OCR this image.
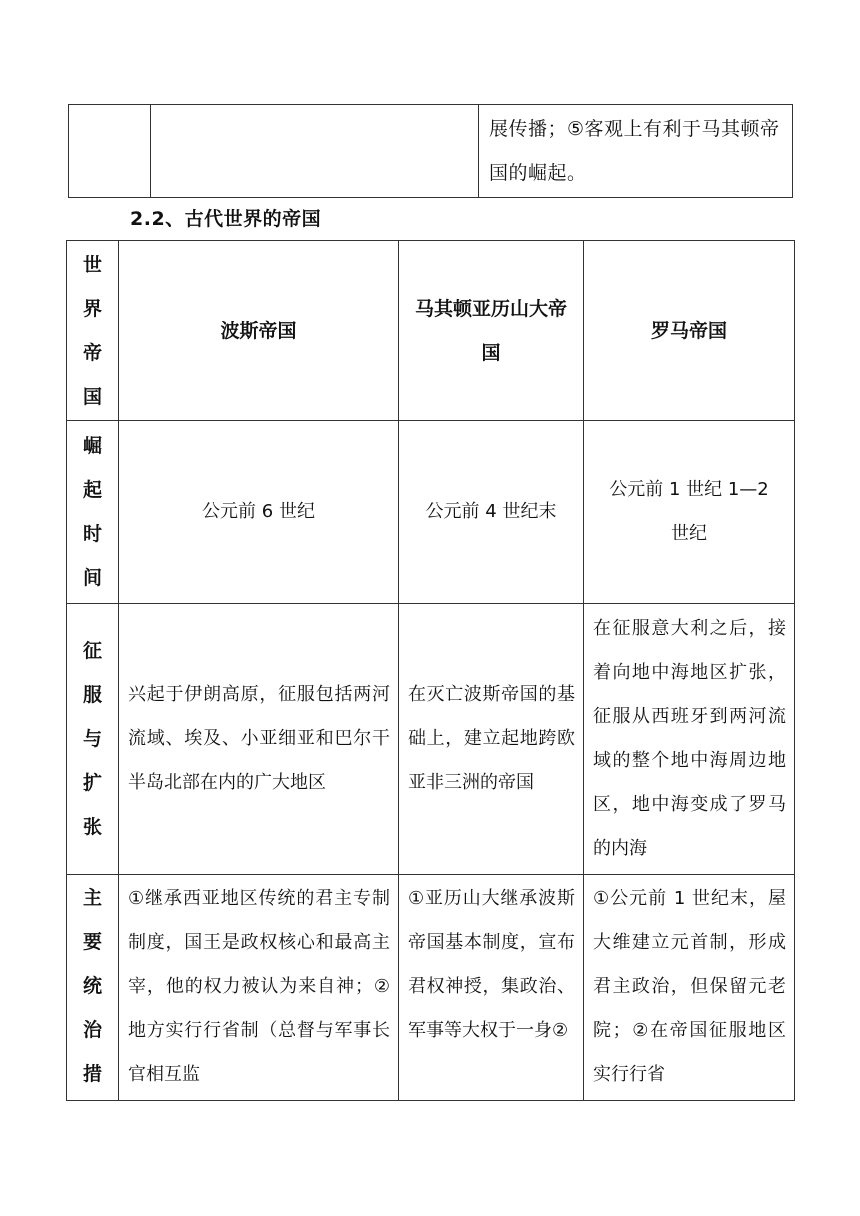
		展传播；⑤客观上有利于马其顿帝国的崛起。
2.2、古代世界的帝国
世界帝国	波斯帝国	马其顿亚历山大帝国	罗马帝国

崛起时间	公元前 6 世纪	公元前 4 世纪末	公元前 1 世纪 1—2 世纪

征服与扩张	兴起于伊朗高原，征服包括两河流域、埃及、小亚细亚和巴尔干半岛北部在内的广大地区	在灭亡波斯帝国的基础上，建立起地跨欧亚非三洲的帝国	在征服意大利之后，接着向地中海地区扩张，征服从西班牙到两河流域的整个地中海周边地区，地中海变成了罗马的内海

主要统治措	①继承西亚地区传统的君主专制制度，国王是政权核心和最高主宰，他的权力被认为来自神；②地方实行行省制（总督与军事长官相互监	①亚历山大继承波斯帝国基本制度，宣布君权神授，集政治、军事等大权于一身②	①公元前 1 世纪末，屋大维建立元首制，形成君主政治，但保留元老院；②在帝国征服地区实行行省
